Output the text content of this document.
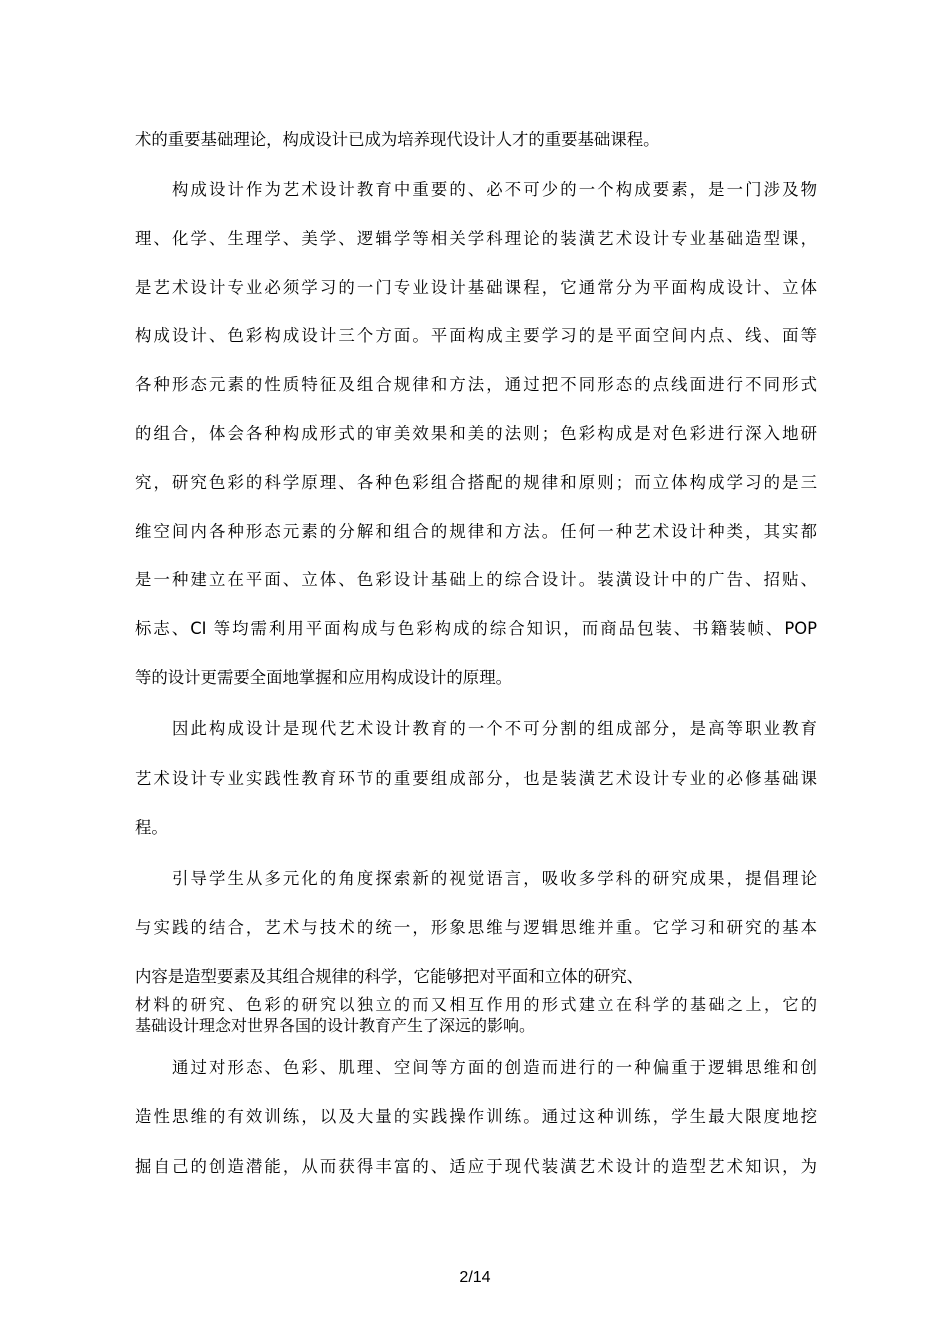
术的重要基础理论，构成设计已成为培养现代设计人才的重要基础课程。
构成设计作为艺术设计教育中重要的、必不可少的一个构成要素，是一门涉及物
理、化学、生理学、美学、逻辑学等相关学科理论的装潢艺术设计专业基础造型课，
是艺术设计专业必须学习的一门专业设计基础课程，它通常分为平面构成设计、立体
构成设计、色彩构成设计三个方面。平面构成主要学习的是平面空间内点、线、面等
各种形态元素的性质特征及组合规律和方法，通过把不同形态的点线面进行不同形式
的组合，体会各种构成形式的审美效果和美的法则；色彩构成是对色彩进行深入地研
究，研究色彩的科学原理、各种色彩组合搭配的规律和原则；而立体构成学习的是三
维空间内各种形态元素的分解和组合的规律和方法。任何一种艺术设计种类，其实都
是一种建立在平面、立体、色彩设计基础上的综合设计。装潢设计中的广告、招贴、
标志、CI 等均需利用平面构成与色彩构成的综合知识，而商品包装、书籍装帧、POP
等的设计更需要全面地掌握和应用构成设计的原理。
因此构成设计是现代艺术设计教育的一个不可分割的组成部分，是高等职业教育
艺术设计专业实践性教育环节的重要组成部分，也是装潢艺术设计专业的必修基础课
程。
引导学生从多元化的角度探索新的视觉语言，吸收多学科的研究成果，提倡理论
与实践的结合，艺术与技术的统一，形象思维与逻辑思维并重。它学习和研究的基本
内容是造型要素及其组合规律的科学，它能够把对平面和立体的研究、
材料的研究、色彩的研究以独立的而又相互作用的形式建立在科学的基础之上，它的
基础设计理念对世界各国的设计教育产生了深远的影响。
通过对形态、色彩、肌理、空间等方面的创造而进行的一种偏重于逻辑思维和创
造性思维的有效训练，以及大量的实践操作训练。通过这种训练，学生最大限度地挖
掘自己的创造潜能，从而获得丰富的、适应于现代装潢艺术设计的造型艺术知识，为
2/14
